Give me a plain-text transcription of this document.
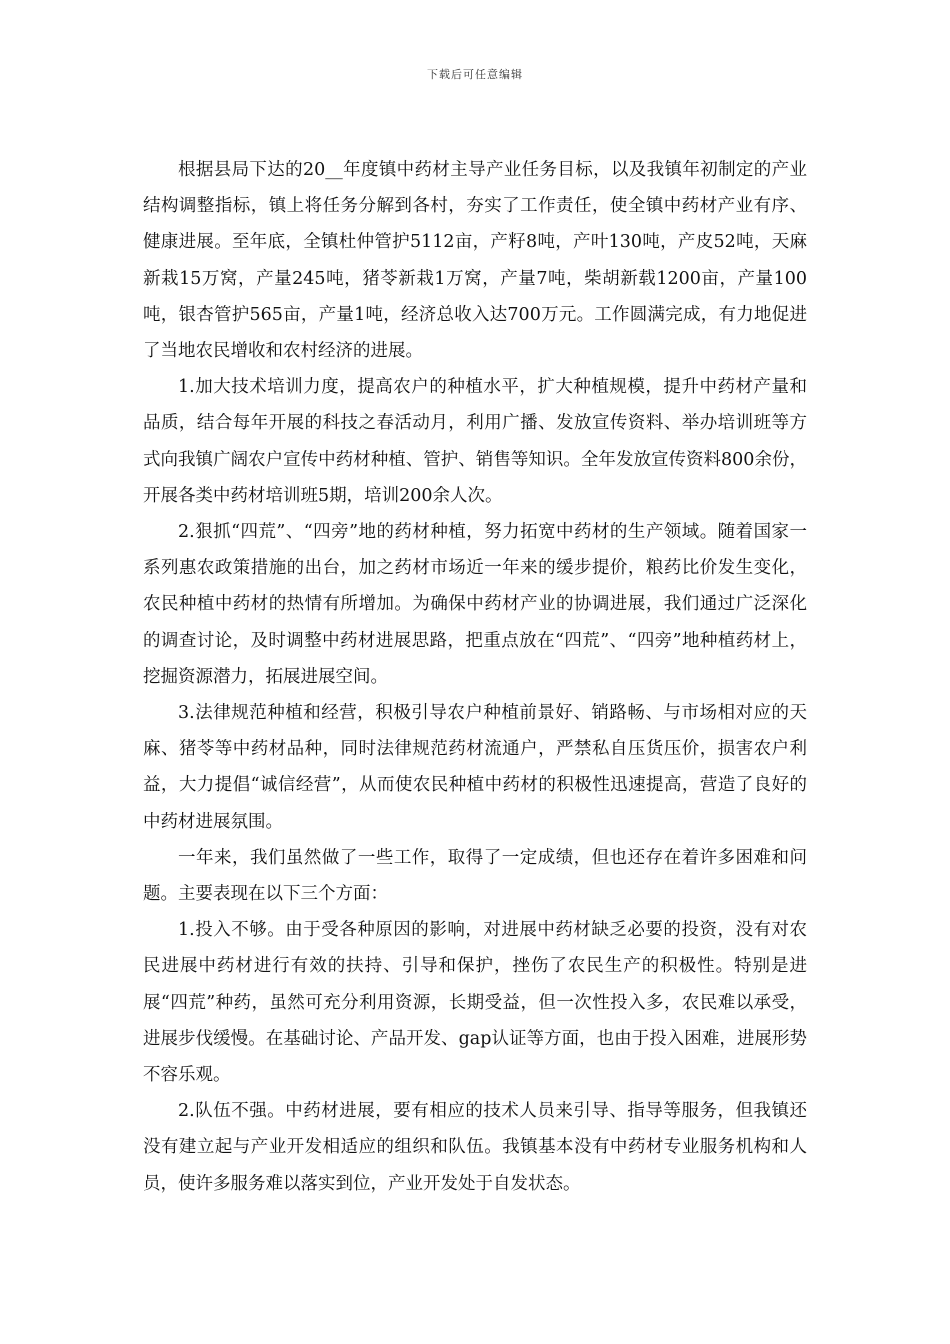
下载后可任意编辑

根据县局下达的20__年度镇中药材主导产业任务目标，以及我镇年初制定的产业结构调整指标，镇上将任务分解到各村，夯实了工作责任，使全镇中药材产业有序、健康进展。至年底，全镇杜仲管护5112亩，产籽8吨，产叶130吨，产皮52吨，天麻新栽15万窝，产量245吨，猪苓新栽1万窝，产量7吨，柴胡新载1200亩，产量100吨，银杏管护565亩，产量1吨，经济总收入达700万元。工作圆满完成，有力地促进了当地农民增收和农村经济的进展。

1.加大技术培训力度，提高农户的种植水平，扩大种植规模，提升中药材产量和品质，结合每年开展的科技之春活动月，利用广播、发放宣传资料、举办培训班等方式向我镇广阔农户宣传中药材种植、管护、销售等知识。全年发放宣传资料800余份，开展各类中药材培训班5期，培训200余人次。

2.狠抓“四荒”、“四旁”地的药材种植，努力拓宽中药材的生产领域。随着国家一系列惠农政策措施的出台，加之药材市场近一年来的缓步提价，粮药比价发生变化，农民种植中药材的热情有所增加。为确保中药材产业的协调进展，我们通过广泛深化的调查讨论，及时调整中药材进展思路，把重点放在“四荒”、“四旁”地种植药材上，挖掘资源潜力，拓展进展空间。

3.法律规范种植和经营，积极引导农户种植前景好、销路畅、与市场相对应的天麻、猪苓等中药材品种，同时法律规范药材流通户，严禁私自压货压价，损害农户利益，大力提倡“诚信经营”，从而使农民种植中药材的积极性迅速提高，营造了良好的中药材进展氛围。

一年来，我们虽然做了一些工作，取得了一定成绩，但也还存在着许多困难和问题。主要表现在以下三个方面：

1.投入不够。由于受各种原因的影响，对进展中药材缺乏必要的投资，没有对农民进展中药材进行有效的扶持、引导和保护，挫伤了农民生产的积极性。特别是进展“四荒”种药，虽然可充分利用资源，长期受益，但一次性投入多，农民难以承受，进展步伐缓慢。在基础讨论、产品开发、gap认证等方面，也由于投入困难，进展形势不容乐观。

2.队伍不强。中药材进展，要有相应的技术人员来引导、指导等服务，但我镇还没有建立起与产业开发相适应的组织和队伍。我镇基本没有中药材专业服务机构和人员，使许多服务难以落实到位，产业开发处于自发状态。
